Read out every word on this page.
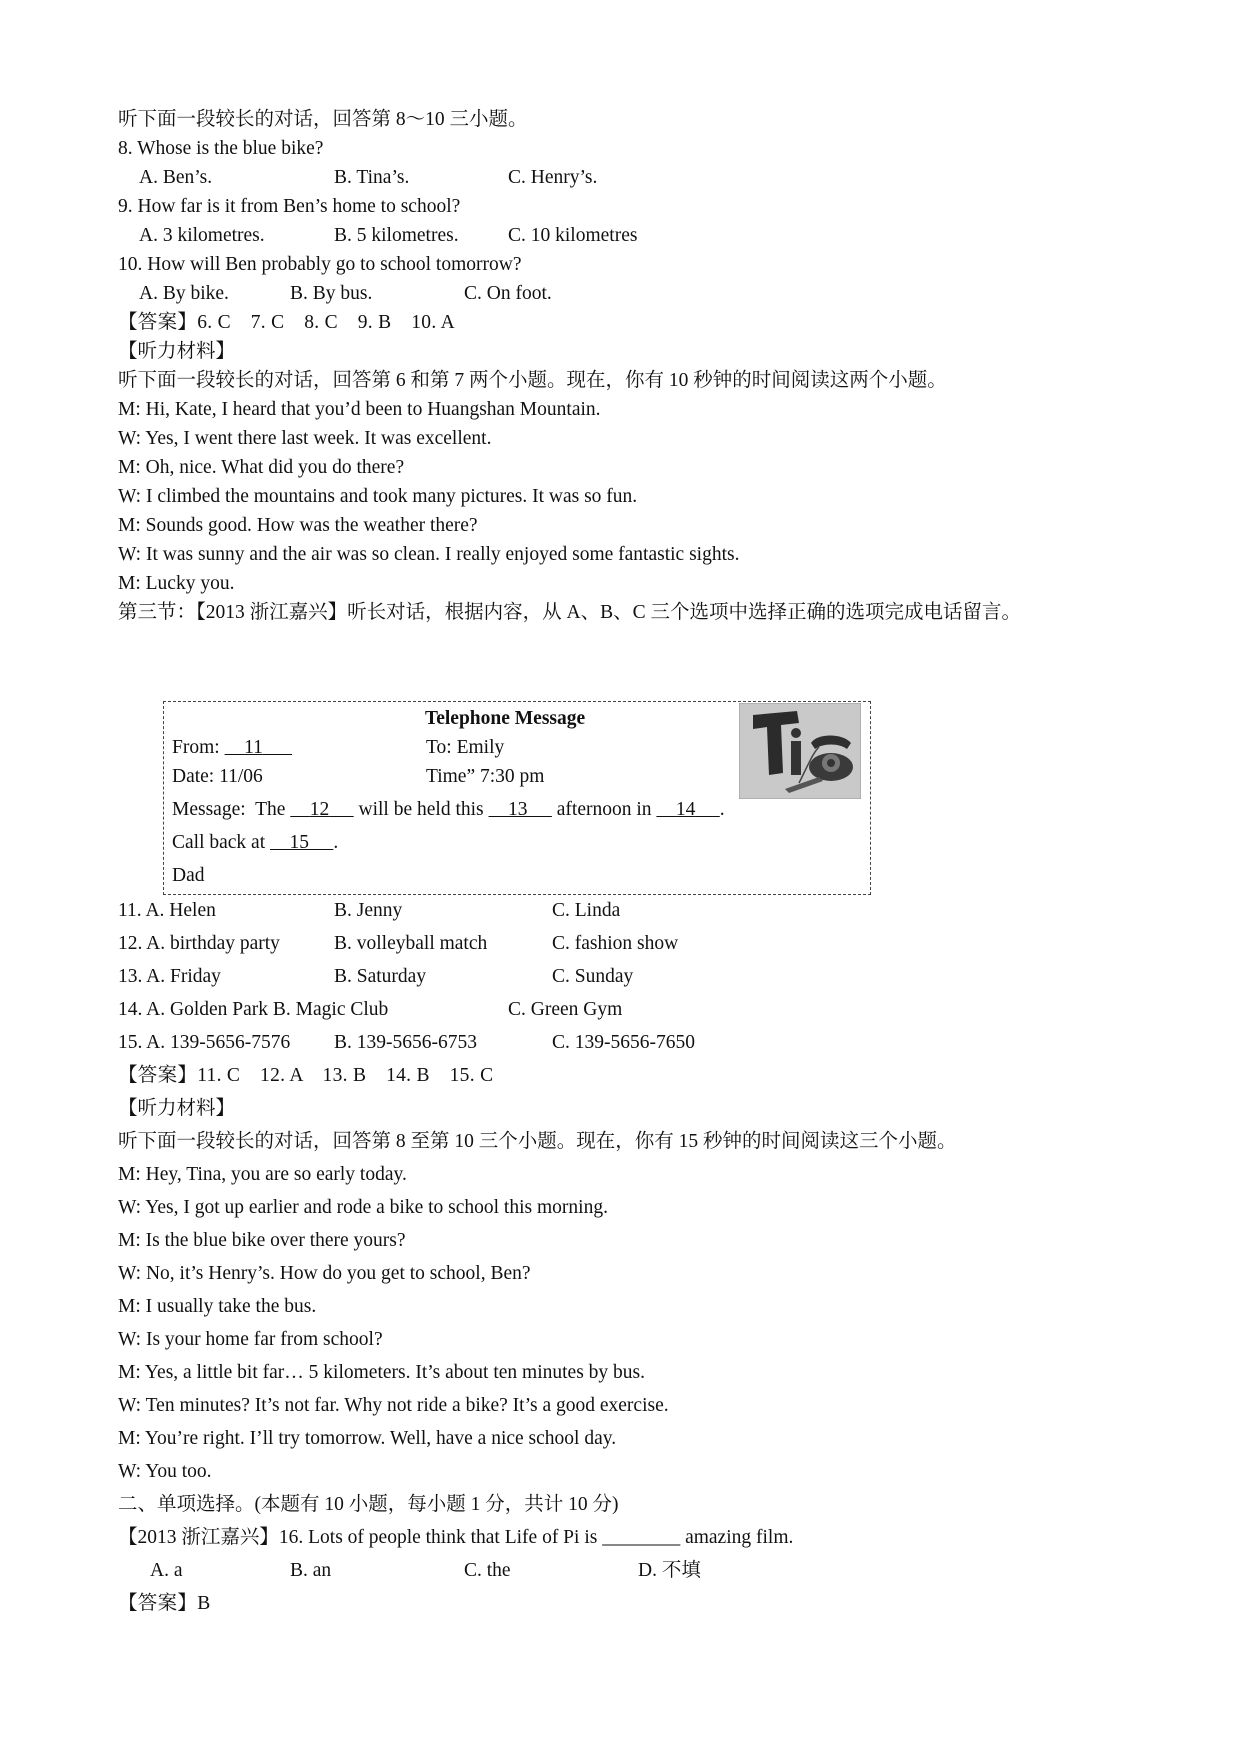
听下面一段较长的对话，回答第 8～10 三小题。
8. Whose is the blue bike?
A. Ben’s.	B. Tina’s.	C. Henry’s.
9. How far is it from Ben’s home to school?
A. 3 kilometres.	B. 5 kilometres.	C. 10 kilometres
10. How will Ben probably go to school tomorrow?
A. By bike.	B. By bus.	C. On foot.
【答案】6. C　7. C　8. C　9. B　10. A
【听力材料】
听下面一段较长的对话，回答第 6 和第 7 两个小题。现在，你有 10 秒钟的时间阅读这两个小题。
M: Hi, Kate, I heard that you’d been to Huangshan Mountain.
W: Yes, I went there last week. It was excellent.
M: Oh, nice. What did you do there?
W: I climbed the mountains and took many pictures. It was so fun.
M: Sounds good. How was the weather there?
W: It was sunny and the air was so clean. I really enjoyed some fantastic sights.
M: Lucky you.
第三节：【2013 浙江嘉兴】听长对话，根据内容，从 A、B、C 三个选项中选择正确的选项完成电话留言。
Telephone Message
From: 11	To: Emily
Date: 11/06	Time” 7:30 pm
Message: The 12 will be held this 13 afternoon in 14 .
Call back at 15 .
Dad
11. A. Helen	B. Jenny	C. Linda
12. A. birthday party	B. volleyball match	C. fashion show
13. A. Friday	B. Saturday	C. Sunday
14. A. Golden Park B. Magic Club	C. Green Gym
15. A. 139-5656-7576 B. 139-5656-6753	C. 139-5656-7650
【答案】11. C　12. A　13. B　14. B　15. C
【听力材料】
听下面一段较长的对话，回答第 8 至第 10 三个小题。现在，你有 15 秒钟的时间阅读这三个小题。
M: Hey, Tina, you are so early today.
W: Yes, I got up earlier and rode a bike to school this morning.
M: Is the blue bike over there yours?
W: No, it’s Henry’s. How do you get to school, Ben?
M: I usually take the bus.
W: Is your home far from school?
M: Yes, a little bit far… 5 kilometers. It’s about ten minutes by bus.
W: Ten minutes? It’s not far. Why not ride a bike? It’s a good exercise.
M: You’re right. I’ll try tomorrow. Well, have a nice school day.
W: You too.
二、单项选择。(本题有 10 小题，每小题 1 分，共计 10 分)
【2013 浙江嘉兴】16. Lots of people think that Life of Pi is ________ amazing film.
A. a	B. an	C. the	D. 不填
【答案】B
